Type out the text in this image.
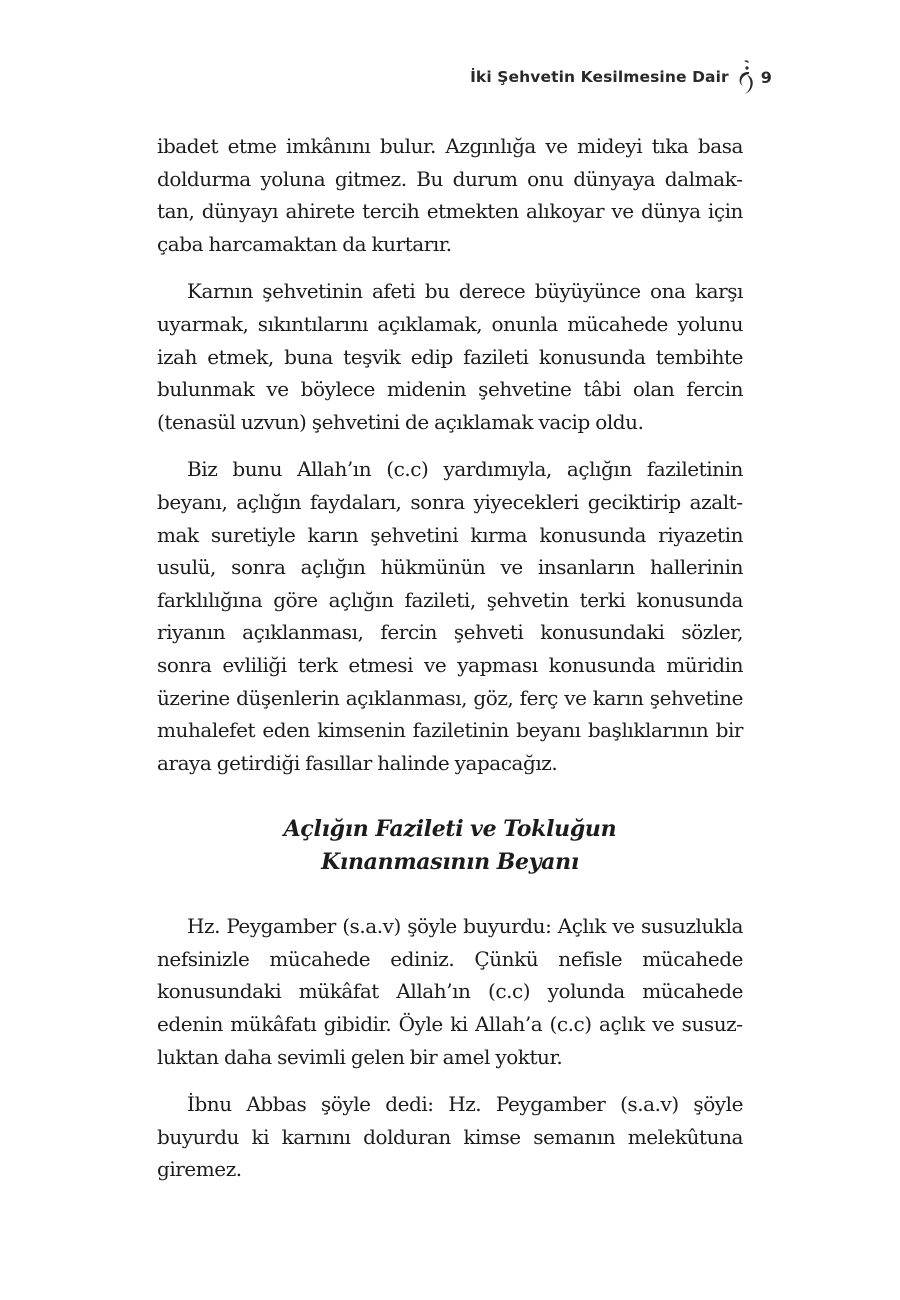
İki Şehvetin Kesilmesine Dair 9

ibadet etme imkânını bulur. Azgınlığa ve mideyi tıka basa doldurma yoluna gitmez. Bu durum onu dünyaya dalmaktan, dünyayı ahirete tercih etmekten alıkoyar ve dünya için çaba harcamaktan da kurtarır.

Karnın şehvetinin afeti bu derece büyüyünce ona karşı uyarmak, sıkıntılarını açıklamak, onunla mücahede yolunu izah etmek, buna teşvik edip fazileti konusunda tembihte bulunmak ve böylece midenin şehvetine tâbi olan fercin (tenasül uzvun) şehvetini de açıklamak vacip oldu.

Biz bunu Allah’ın (c.c) yardımıyla, açlığın faziletinin beyanı, açlığın faydaları, sonra yiyecekleri geciktirip azaltmak suretiyle karın şehvetini kırma konusunda riyazetin usulü, sonra açlığın hükmünün ve insanların hallerinin farklılığına göre açlığın fazileti, şehvetin terki konusunda riyanın açıklanması, fercin şehveti konusundaki sözler, sonra evliliği terk etmesi ve yapması konusunda müridin üzerine düşenlerin açıklanması, göz, ferç ve karın şehvetine muhalefet eden kimsenin faziletinin beyanı başlıklarının bir araya getirdiği fasıllar halinde yapacağız.

Açlığın Fazileti ve Tokluğun
Kınanmasının Beyanı

Hz. Peygamber (s.a.v) şöyle buyurdu: Açlık ve susuzlukla nefsinizle mücahede ediniz. Çünkü nefisle mücahede konusundaki mükâfat Allah’ın (c.c) yolunda mücahede edenin mükâfatı gibidir. Öyle ki Allah’a (c.c) açlık ve susuzluktan daha sevimli gelen bir amel yoktur.

İbnu Abbas şöyle dedi: Hz. Peygamber (s.a.v) şöyle buyurdu ki karnını dolduran kimse semanın melekûtuna giremez.
